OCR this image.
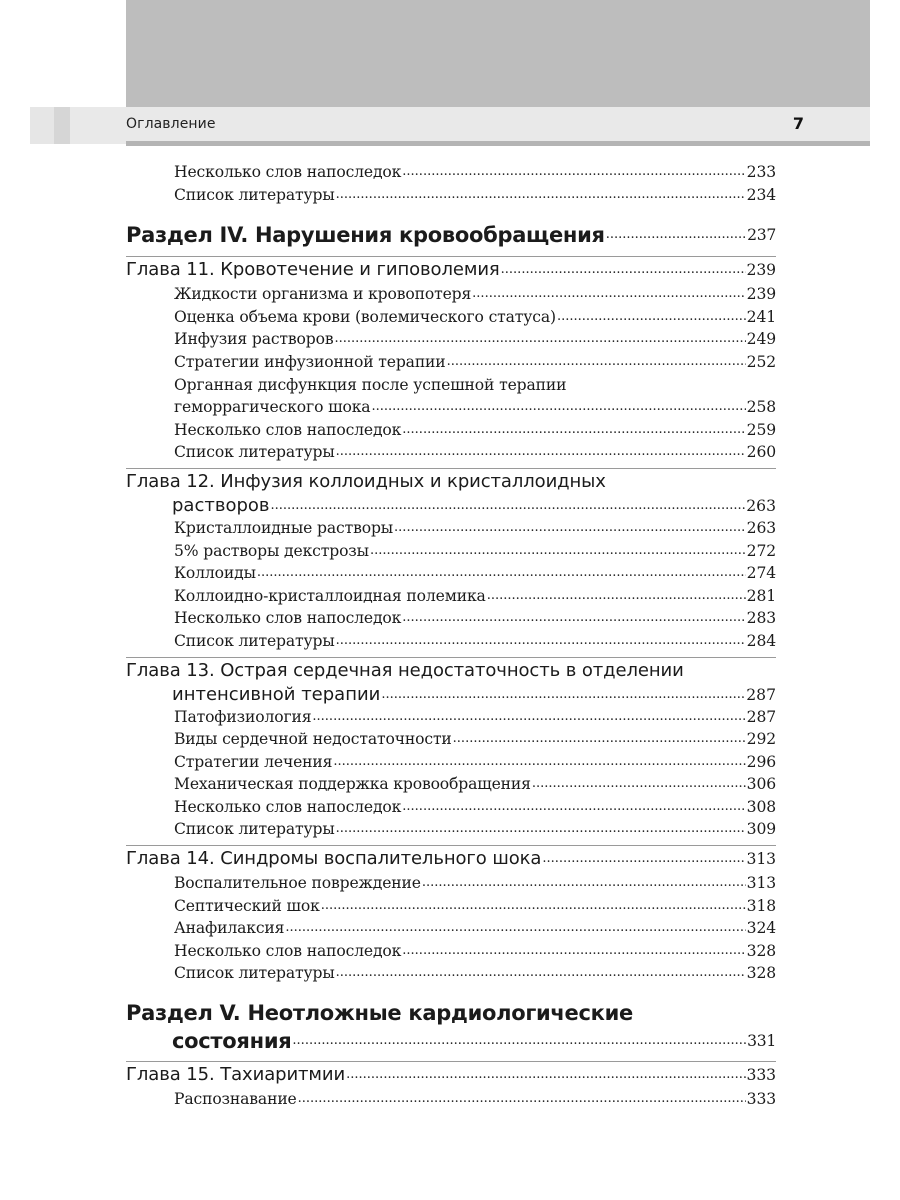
Оглавление	7
Несколько слов напоследок .....	233
Список литературы .....	234
Раздел IV. Нарушения кровообращения .....	237
Глава 11. Кровотечение и гиповолемия .....	239
Жидкости организма и кровопотеря .....	239
Оценка объема крови (волемического статуса) .....	241
Инфузия растворов .....	249
Стратегии инфузионной терапии .....	252
Органная дисфункция после успешной терапии
геморрагического шока .....	258
Несколько слов напоследок .....	259
Список литературы .....	260
Глава 12. Инфузия коллоидных и кристаллоидных
растворов .....	263
Кристаллоидные растворы .....	263
5% растворы декстрозы .....	272
Коллоиды .....	274
Коллоидно-кристаллоидная полемика .....	281
Несколько слов напоследок .....	283
Список литературы .....	284
Глава 13. Острая сердечная недостаточность в отделении
интенсивной терапии .....	287
Патофизиология .....	287
Виды сердечной недостаточности .....	292
Стратегии лечения .....	296
Механическая поддержка кровообращения .....	306
Несколько слов напоследок .....	308
Список литературы .....	309
Глава 14. Синдромы воспалительного шока .....	313
Воспалительное повреждение .....	313
Септический шок .....	318
Анафилаксия .....	324
Несколько слов напоследок .....	328
Список литературы .....	328
Раздел V. Неотложные кардиологические
состояния .....	331
Глава 15. Тахиаритмии .....	333
Распознавание .....	333
